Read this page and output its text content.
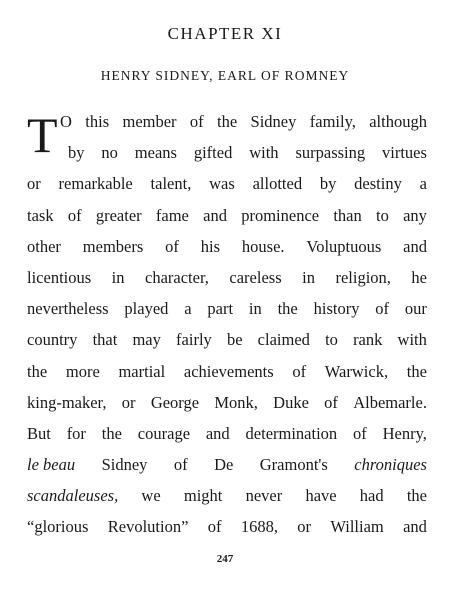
CHAPTER XI
HENRY SIDNEY, EARL OF ROMNEY
T O this member of the Sidney family, although
by no means gifted with surpassing virtues
or remarkable talent, was allotted by destiny a
task of greater fame and prominence than to any
other members of his house. Voluptuous and
licentious in character, careless in religion, he
nevertheless played a part in the history of our
country that may fairly be claimed to rank with
the more martial achievements of Warwick, the
king-maker, or George Monk, Duke of Albemarle.
But for the courage and determination of Henry,
le beau Sidney of De Gramont's chroniques
scandaleuses, we might never have had the
“glorious Revolution” of 1688, or William and
247
